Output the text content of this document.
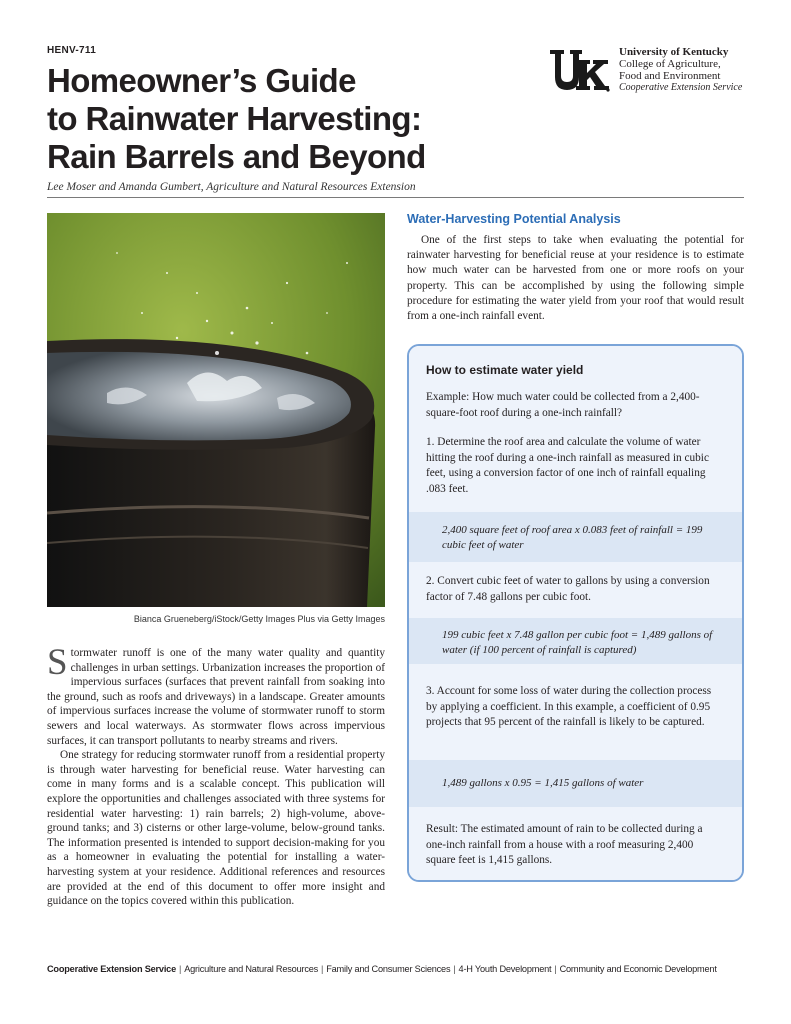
HENV-711
Homeowner’s Guide
to Rainwater Harvesting:
Rain Barrels and Beyond
Lee Moser and Amanda Gumbert, Agriculture and Natural Resources Extension
University of Kentucky
College of Agriculture,
Food and Environment
Cooperative Extension Service
Bianca Grueneberg/iStock/Getty Images Plus via Getty Images

Stormwater runoff is one of the many water quality and quantity challenges in urban settings. Urbanization increases the proportion of impervious surfaces (surfaces that prevent rainfall from soaking into the ground, such as roofs and driveways) in a landscape. Greater amounts of impervious surfaces increase the volume of stormwater runoff to storm sewers and local waterways. As stormwater flows across impervious surfaces, it can transport pollutants to nearby streams and rivers.

One strategy for reducing stormwater runoff from a residential property is through water harvesting for beneficial reuse. Water harvesting can come in many forms and is a scalable concept. This publication will explore the opportunities and challenges associated with three systems for residential water harvesting: 1) rain barrels; 2) high-volume, above-ground tanks; and 3) cisterns or other large-volume, below-ground tanks. The information presented is intended to support decision-making for you as a homeowner in evaluating the potential for installing a water-harvesting system at your residence. Additional references and resources are provided at the end of this document to offer more insight and guidance on the topics covered within this publication.

Water-Harvesting Potential Analysis

One of the first steps to take when evaluating the potential for rainwater harvesting for beneficial reuse at your residence is to estimate how much water can be harvested from one or more roofs on your property. This can be accomplished by using the following simple procedure for estimating the water yield from your roof that would result from a one-inch rainfall event.

How to estimate water yield
Example: How much water could be collected from a 2,400-square-foot roof during a one-inch rainfall?
1. Determine the roof area and calculate the volume of water hitting the roof during a one-inch rainfall as measured in cubic feet, using a conversion factor of one inch of rainfall equaling .083 feet.
2,400 square feet of roof area x 0.083 feet of rainfall = 199 cubic feet of water
2. Convert cubic feet of water to gallons by using a conversion factor of 7.48 gallons per cubic foot.
199 cubic feet x 7.48 gallon per cubic foot = 1,489 gallons of water (if 100 percent of rainfall is captured)
3. Account for some loss of water during the collection process by applying a coefficient. In this example, a coefficient of 0.95 projects that 95 percent of the rainfall is likely to be captured.
1,489 gallons x 0.95 = 1,415 gallons of water
Result: The estimated amount of rain to be collected during a one-inch rainfall from a house with a roof measuring 2,400 square feet is 1,415 gallons.
Cooperative Extension Service | Agriculture and Natural Resources | Family and Consumer Sciences | 4-H Youth Development | Community and Economic Development
